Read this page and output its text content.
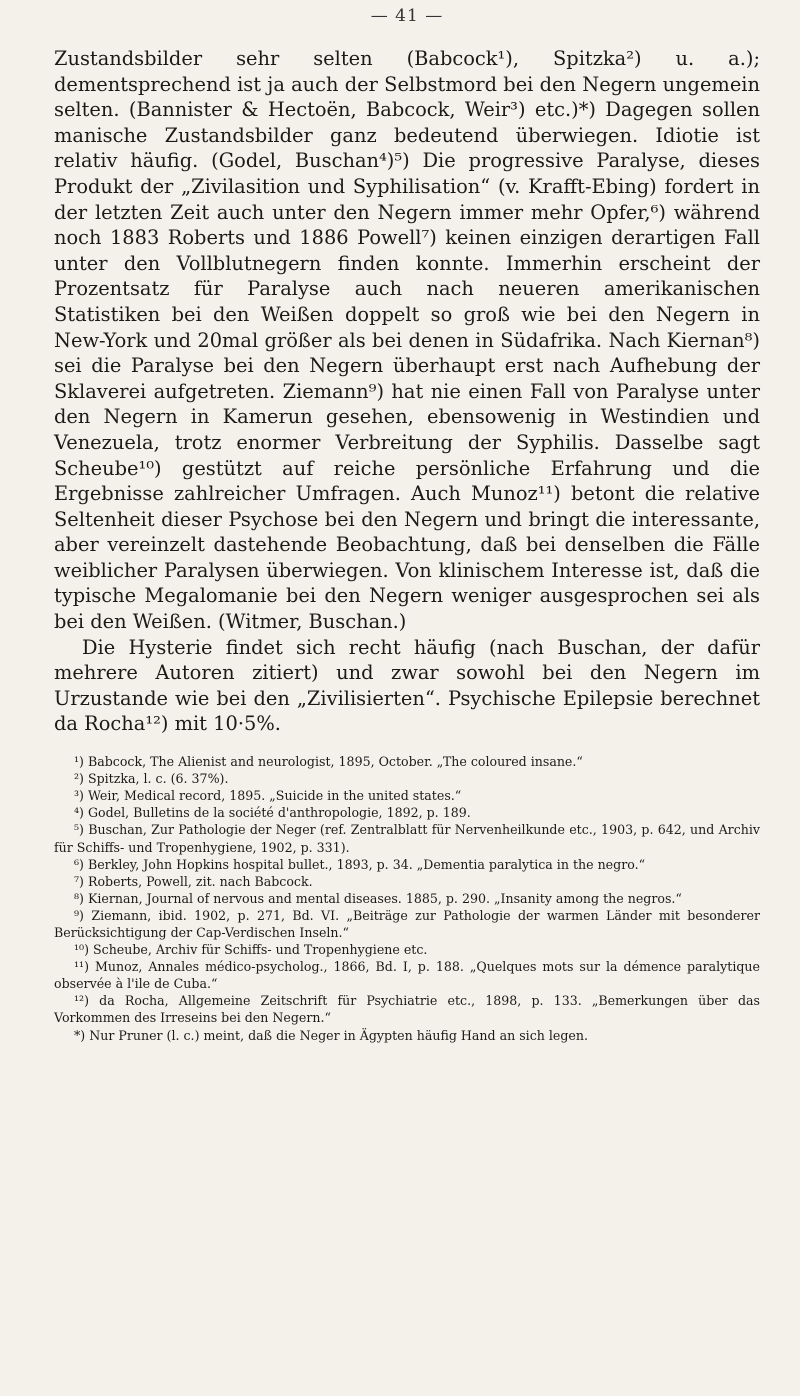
— 41 —

Zustandsbilder sehr selten (Babcock¹), Spitzka²) u. a.); dementsprechend ist ja auch der Selbstmord bei den Negern ungemein selten. (Bannister & Hectoën, Babcock, Weir³) etc.)*) Dagegen sollen manische Zustandsbilder ganz bedeutend überwiegen. Idiotie ist relativ häufig. (Godel, Buschan⁴)⁵) Die progressive Paralyse, dieses Produkt der „Zivilasition und Syphilisation“ (v. Krafft-Ebing) fordert in der letzten Zeit auch unter den Negern immer mehr Opfer,⁶) während noch 1883 Roberts und 1886 Powell⁷) keinen einzigen derartigen Fall unter den Vollblutnegern finden konnte. Immerhin erscheint der Prozentsatz für Paralyse auch nach neueren amerikanischen Statistiken bei den Weißen doppelt so groß wie bei den Negern in New-York und 20mal größer als bei denen in Südafrika. Nach Kiernan⁸) sei die Paralyse bei den Negern überhaupt erst nach Aufhebung der Sklaverei aufgetreten. Ziemann⁹) hat nie einen Fall von Paralyse unter den Negern in Kamerun gesehen, ebensowenig in Westindien und Venezuela, trotz enormer Verbreitung der Syphilis. Dasselbe sagt Scheube¹⁰) gestützt auf reiche persönliche Erfahrung und die Ergebnisse zahlreicher Umfragen. Auch Munoz¹¹) betont die relative Seltenheit dieser Psychose bei den Negern und bringt die interessante, aber vereinzelt dastehende Beobachtung, daß bei denselben die Fälle weiblicher Paralysen überwiegen. Von klinischem Interesse ist, daß die typische Megalomanie bei den Negern weniger ausgesprochen sei als bei den Weißen. (Witmer, Buschan.)

Die Hysterie findet sich recht häufig (nach Buschan, der dafür mehrere Autoren zitiert) und zwar sowohl bei den Negern im Urzustande wie bei den „Zivilisierten“. Psychische Epilepsie berechnet da Rocha¹²) mit 10·5%.

¹) Babcock, The Alienist and neurologist, 1895, October. „The coloured insane.“

²) Spitzka, l. c. (6. 37%).

³) Weir, Medical record, 1895. „Suicide in the united states.“

⁴) Godel, Bulletins de la société d'anthropologie, 1892, p. 189.

⁵) Buschan, Zur Pathologie der Neger (ref. Zentralblatt für Nervenheilkunde etc., 1903, p. 642, und Archiv für Schiffs- und Tropenhygiene, 1902, p. 331).

⁶) Berkley, John Hopkins hospital bullet., 1893, p. 34. „Dementia paralytica in the negro.“

⁷) Roberts, Powell, zit. nach Babcock.

⁸) Kiernan, Journal of nervous and mental diseases. 1885, p. 290. „Insanity among the negros.“

⁹) Ziemann, ibid. 1902, p. 271, Bd. VI. „Beiträge zur Pathologie der warmen Länder mit besonderer Berücksichtigung der Cap-Verdischen Inseln.“

¹⁰) Scheube, Archiv für Schiffs- und Tropenhygiene etc.

¹¹) Munoz, Annales médico-psycholog., 1866, Bd. I, p. 188. „Quelques mots sur la démence paralytique observée à l'ile de Cuba.“

¹²) da Rocha, Allgemeine Zeitschrift für Psychiatrie etc., 1898, p. 133. „Bemerkungen über das Vorkommen des Irreseins bei den Negern.“

*) Nur Pruner (l. c.) meint, daß die Neger in Ägypten häufig Hand an sich legen.
